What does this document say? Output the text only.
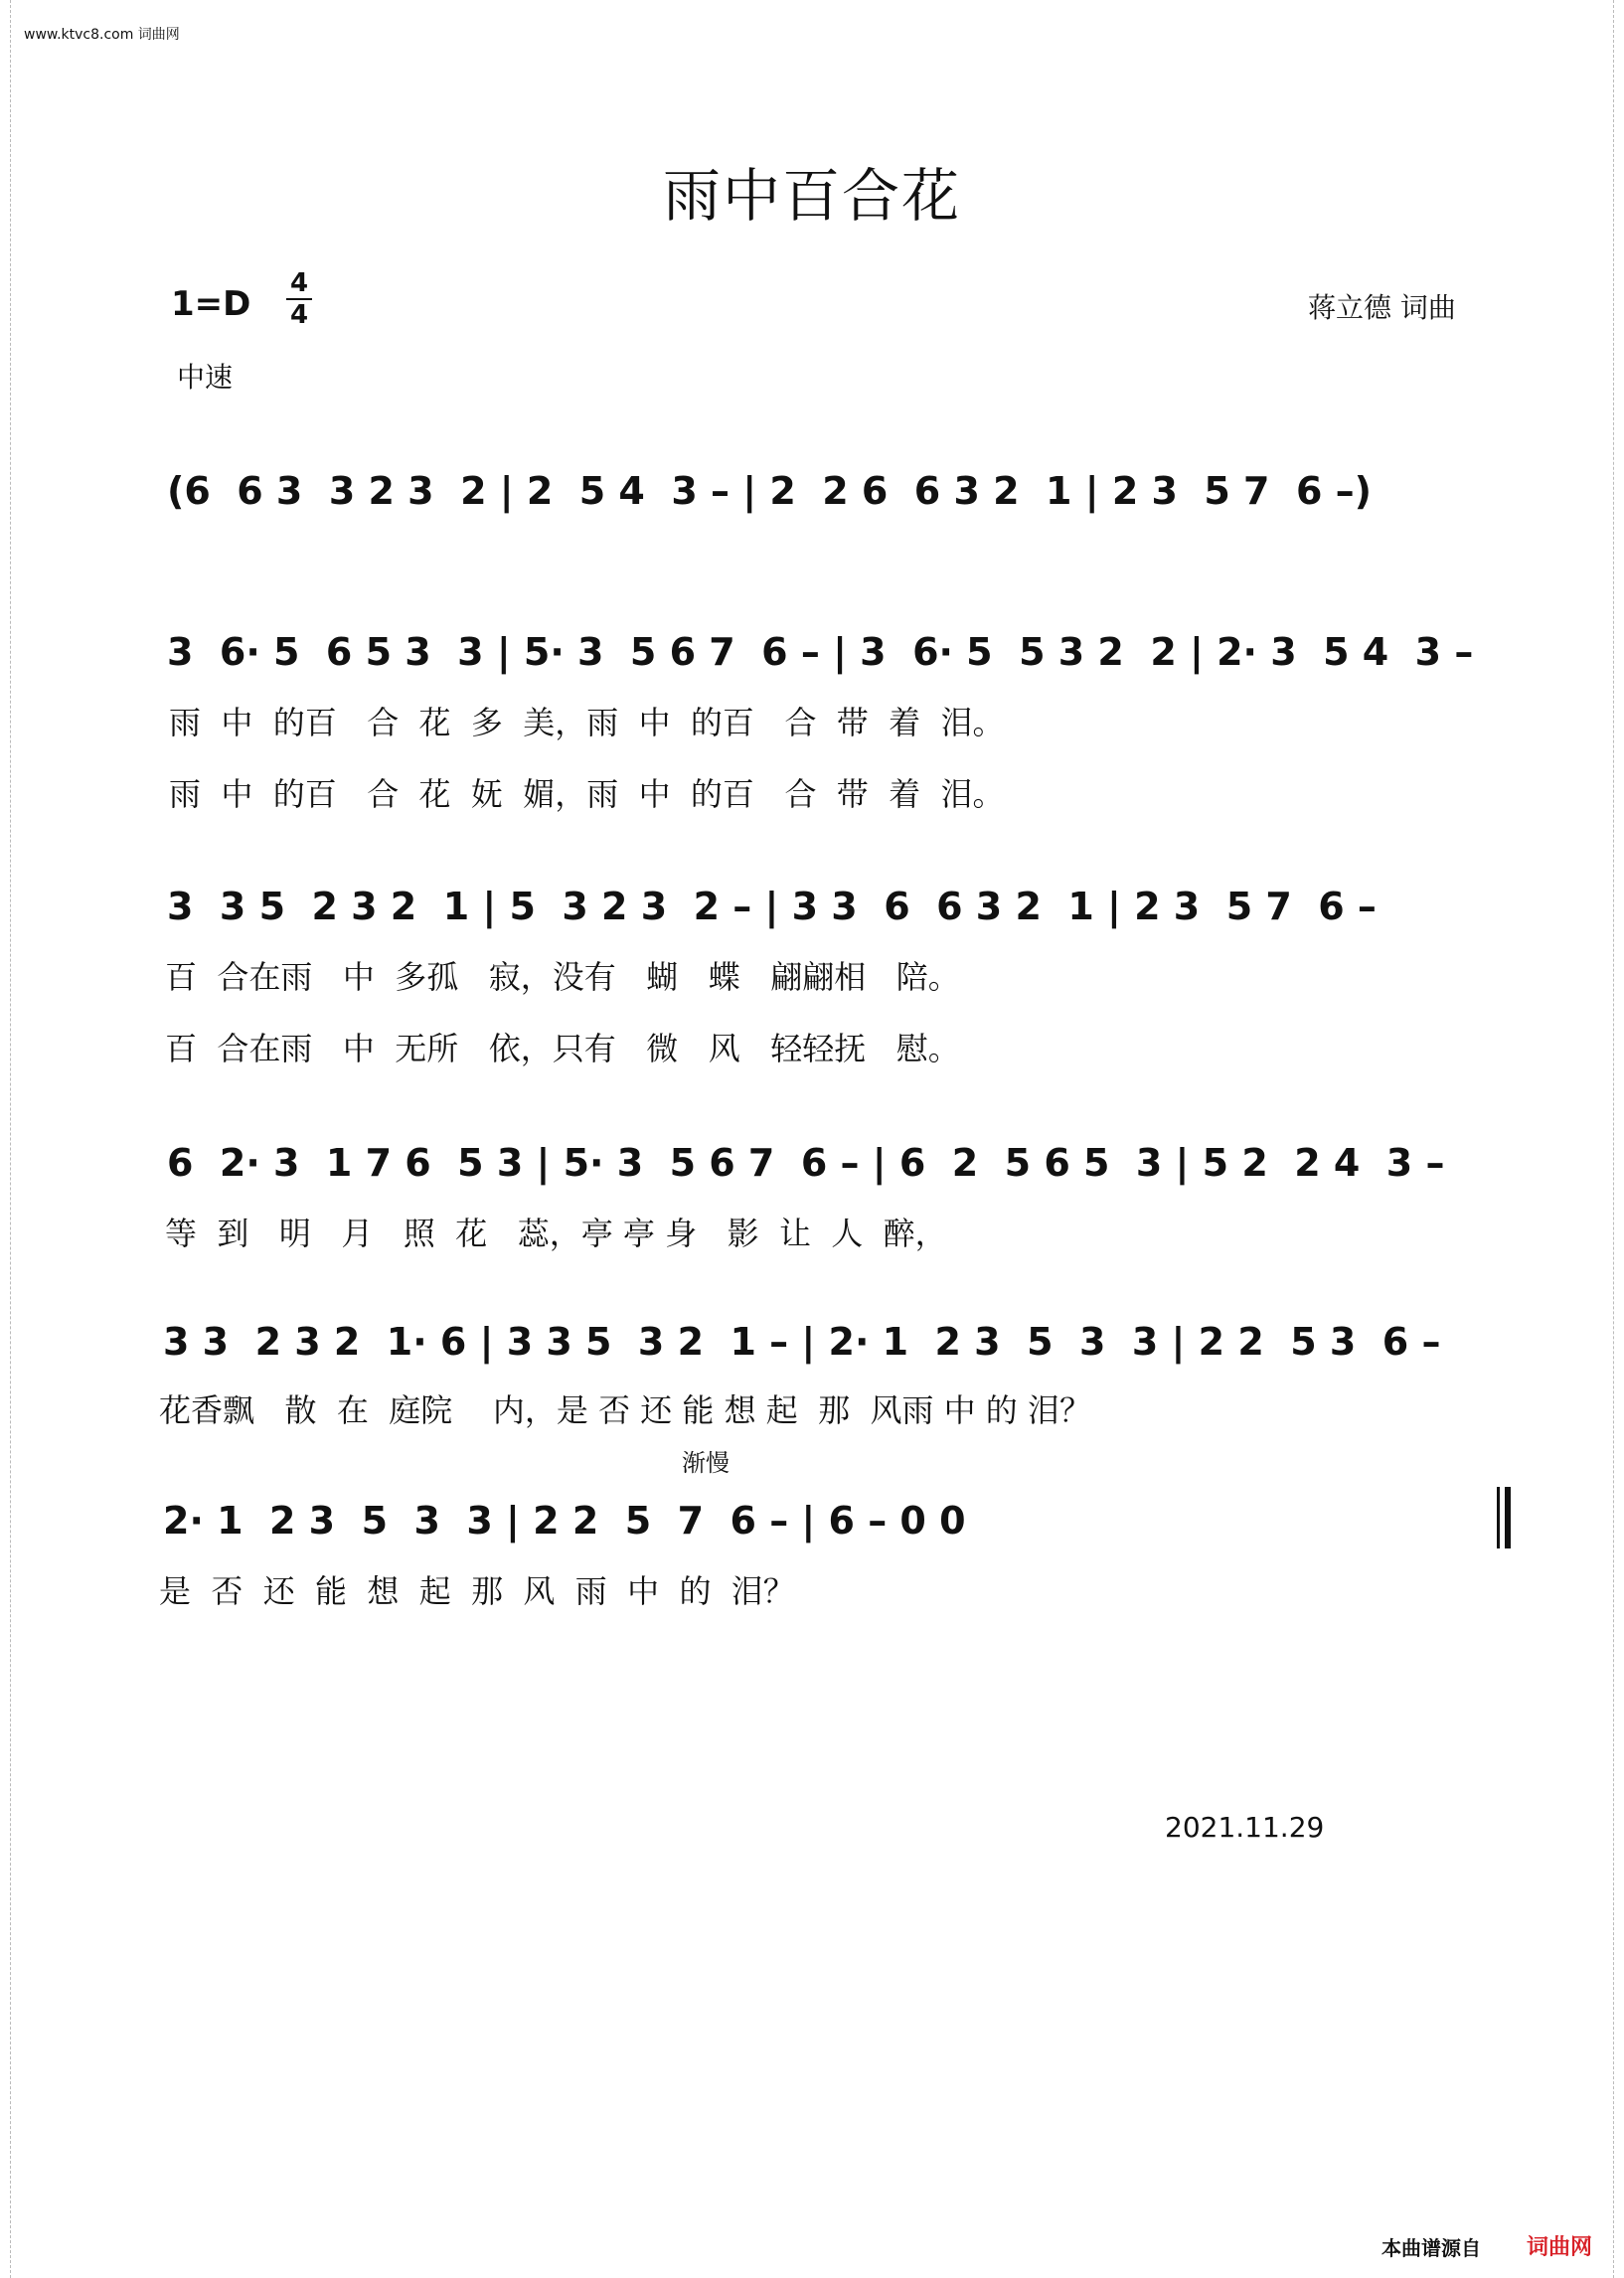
www.ktvc8.com 词曲网
雨中百合花
1=D
4
4	蒋立德 词曲
中速
(6  6 3  3 2 3  2 | 2  5 4  3 – | 2  2 6  6 3 2  1 | 2 3  5 7  6 –)
3  6· 5  6 5 3  3 | 5· 3  5 6 7  6 – | 3  6· 5  5 3 2  2 | 2· 3  5 4  3 –
雨  中  的百   合  花  多  美，雨  中  的百   合  带  着  泪。
雨  中  的百   合  花  妩  媚，雨  中  的百   合  带  着  泪。
3  3 5  2 3 2  1 | 5  3 2 3  2 – | 3 3  6  6 3 2  1 | 2 3  5 7  6 –
百  合在雨   中  多孤   寂，没有   蝴   蝶   翩翩相   陪。
百  合在雨   中  无所   依，只有   微   风   轻轻抚   慰。
6  2· 3  1 7 6  5 3 | 5· 3  5 6 7  6 – | 6  2  5 6 5  3 | 5 2  2 4  3 –
等  到   明   月   照  花   蕊，亭 亭 身   影  让  人  醉，
3 3  2 3 2  1· 6 | 3 3 5  3 2  1 – | 2· 1  2 3  5  3  3 | 2 2  5 3  6 –
花香飘   散  在  庭院    内，是 否 还 能 想 起  那  风雨 中 的 泪？
渐慢
2· 1  2 3  5  3  3 | 2 2  5  7  6 – | 6 – 0 0
是  否  还  能  想  起  那  风  雨  中  的  泪？
2021.11.29
本曲谱源自 词曲网
